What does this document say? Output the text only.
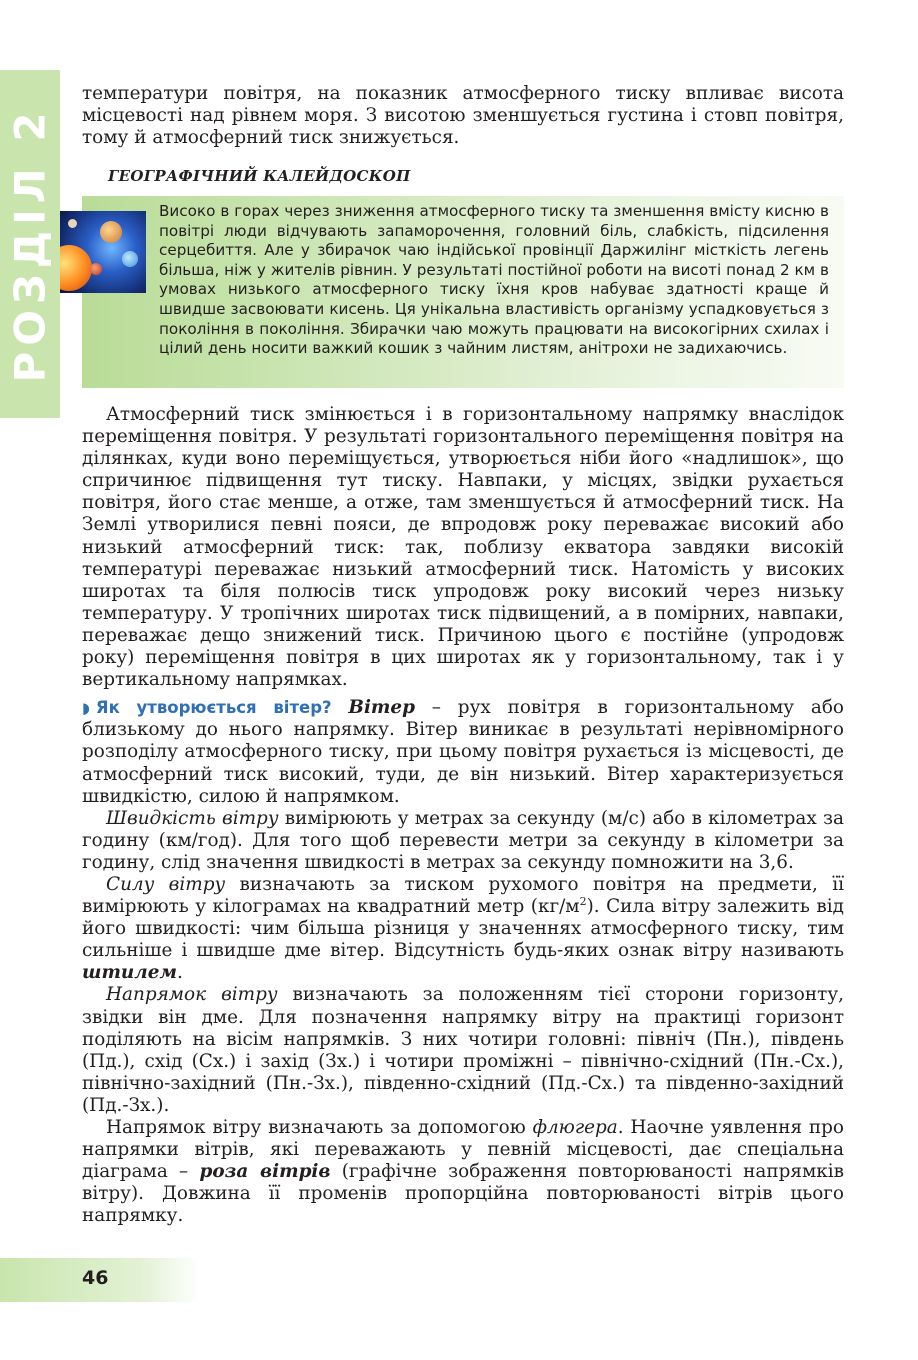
РОЗДІЛ 2

температури повітря, на показник атмосферного тиску впливає висота місцевості над рівнем моря. З висотою зменшується густина і стовп повітря, тому й атмосферний тиск знижується.

ГЕОГРАФІЧНИЙ КАЛЕЙДОСКОП
Високо в горах через зниження атмосферного тиску та зменшення вмісту кисню в повітрі люди відчувають запаморочення, головний біль, слабкість, підсилення серцебиття. Але у збирачок чаю індійської провінції Даржилінг місткість легень більша, ніж у жителів рівнин. У результаті постійної роботи на висоті понад 2 км в умовах низького атмосферного тиску їхня кров набуває здатності краще й швидше засвоювати кисень. Ця унікальна властивість організму успадковується з покоління в покоління. Збирачки чаю можуть працювати на високогірних схилах і цілий день носити важкий кошик з чайним листям, анітрохи не задихаючись.

Атмосферний тиск змінюється і в горизонтальному напрямку внаслідок переміщення повітря. У результаті горизонтального переміщення повітря на ділянках, куди воно переміщується, утворюється ніби його «надлишок», що спричинює підвищення тут тиску. Навпаки, у місцях, звідки рухається повітря, його стає менше, а отже, там зменшується й атмосферний тиск. На Землі утворилися певні пояси, де впродовж року переважає високий або низький атмосферний тиск: так, поблизу екватора завдяки високій температурі переважає низький атмосферний тиск. Натомість у високих широтах та біля полюсів тиск упродовж року високий через низьку температуру. У тропічних широтах тиск підвищений, а в помірних, навпаки, переважає дещо знижений тиск. Причиною цього є постійне (упродовж року) переміщення повітря в цих широтах як у горизонтальному, так і у вертикальному напрямках.

◗ Як утворюється вітер? Вітер – рух повітря в горизонтальному або близькому до нього напрямку. Вітер виникає в результаті нерівномірного розподілу атмосферного тиску, при цьому повітря рухається із місцевості, де атмосферний тиск високий, туди, де він низький. Вітер характеризується швидкістю, силою й напрямком.

Швидкість вітру вимірюють у метрах за секунду (м/с) або в кілометрах за годину (км/год). Для того щоб перевести метри за секунду в кілометри за годину, слід значення швидкості в метрах за секунду помножити на 3,6.

Силу вітру визначають за тиском рухомого повітря на предмети, її вимірюють у кілограмах на квадратний метр $(кг/м^2)$. Сила вітру залежить від його швидкості: чим більша різниця у значеннях атмосферного тиску, тим сильніше і швидше дме вітер. Відсутність будь-яких ознак вітру називають штилем.

Напрямок вітру визначають за положенням тієї сторони горизонту, звідки він дме. Для позначення напрямку вітру на практиці горизонт поділяють на вісім напрямків. З них чотири головні: північ (Пн.), південь (Пд.), схід (Сх.) і захід (Зх.) і чотири проміжні – північно-східний (Пн.-Сх.), північно-західний (Пн.-Зх.), південно-східний (Пд.-Сх.) та південно-західний (Пд.-Зх.).

Напрямок вітру визначають за допомогою флюгера. Наочне уявлення про напрямки вітрів, які переважають у певній місцевості, дає спеціальна діаграма – роза вітрів (графічне зображення повторюваності напрямків вітру). Довжина її променів пропорційна повторюваності вітрів цього напрямку.

46
